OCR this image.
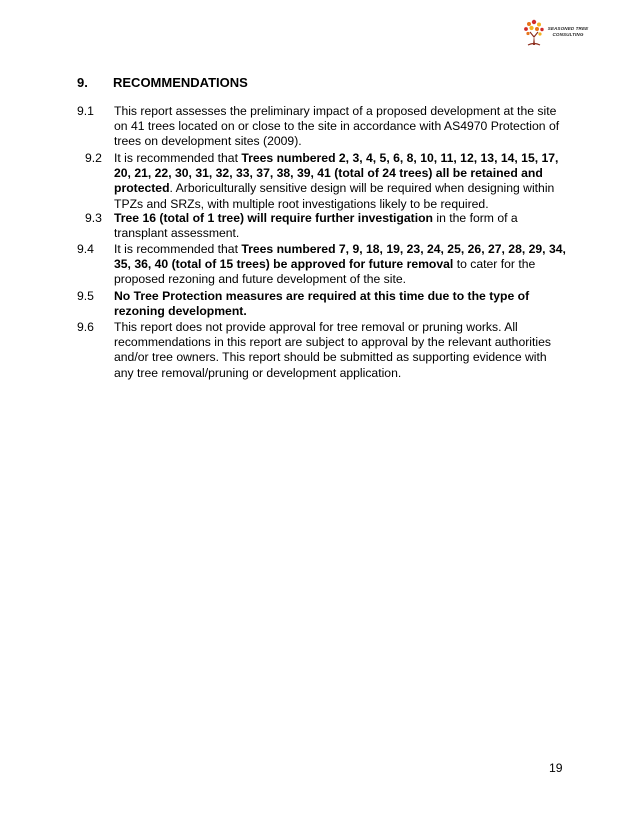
SEASONED TREE
CONSULTING
9. RECOMMENDATIONS
9.1 This report assesses the preliminary impact of a proposed development at the site on 41 trees located on or close to the site in accordance with AS4970 Protection of trees on development sites (2009).
9.2 It is recommended that Trees numbered 2, 3, 4, 5, 6, 8, 10, 11, 12, 13, 14, 15, 17, 20, 21, 22, 30, 31, 32, 33, 37, 38, 39, 41 (total of 24 trees) all be retained and protected. Arboriculturally sensitive design will be required when designing within TPZs and SRZs, with multiple root investigations likely to be required.
9.3 Tree 16 (total of 1 tree) will require further investigation in the form of a transplant assessment.
9.4 It is recommended that Trees numbered 7, 9, 18, 19, 23, 24, 25, 26, 27, 28, 29, 34, 35, 36, 40 (total of 15 trees) be approved for future removal to cater for the proposed rezoning and future development of the site.
9.5 No Tree Protection measures are required at this time due to the type of rezoning development.
9.6 This report does not provide approval for tree removal or pruning works. All recommendations in this report are subject to approval by the relevant authorities and/or tree owners. This report should be submitted as supporting evidence with any tree removal/pruning or development application.
19
